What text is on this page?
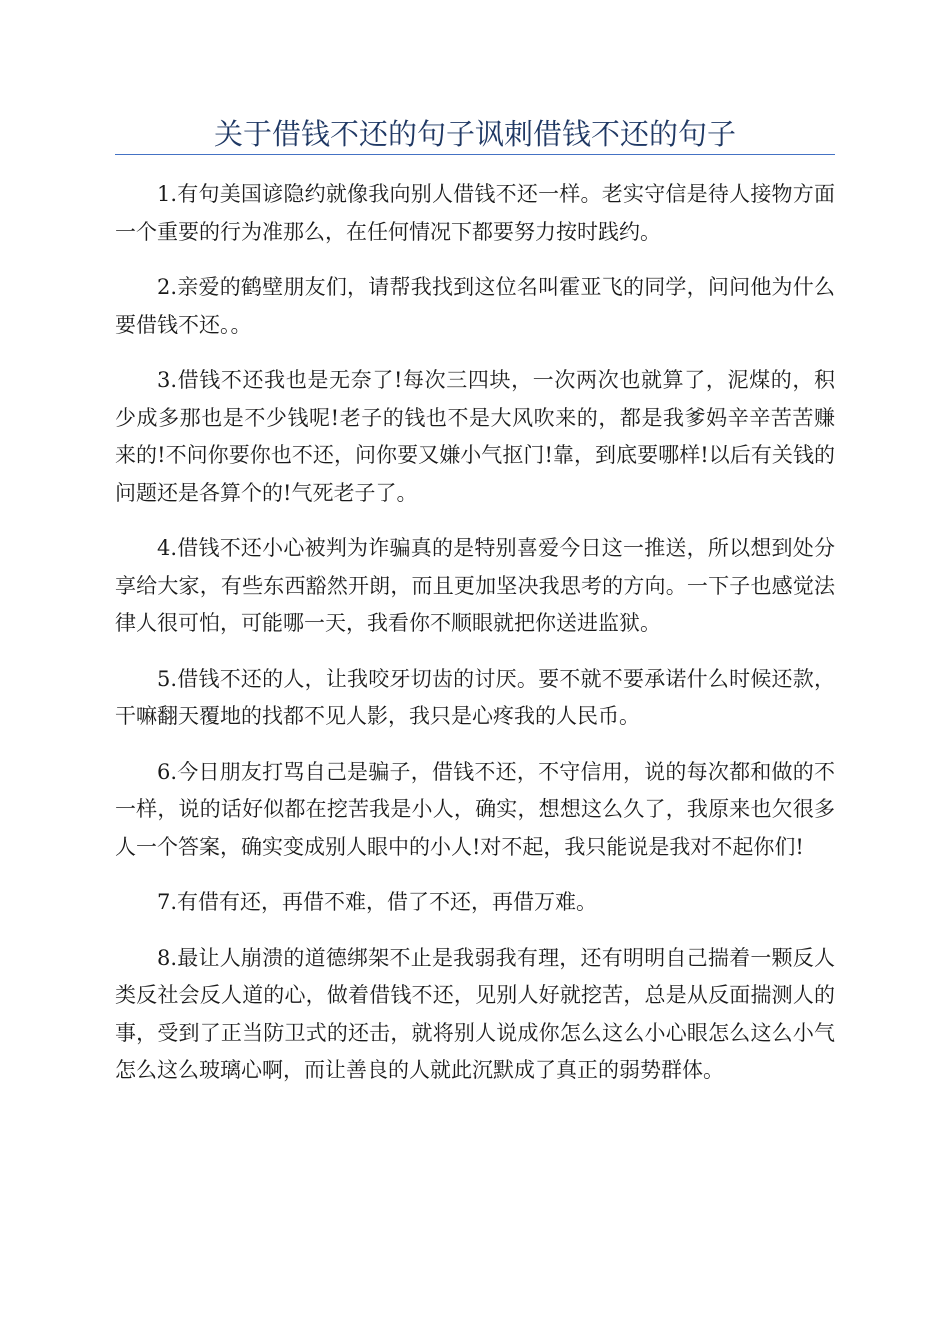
关于借钱不还的句子讽刺借钱不还的句子

1.有句美国谚隐约就像我向别人借钱不还一样。老实守信是待人接物方面一个重要的行为准那么，在任何情况下都要努力按时践约。

2.亲爱的鹤壁朋友们，请帮我找到这位名叫霍亚飞的同学，问问他为什么要借钱不还。。

3.借钱不还我也是无奈了!每次三四块，一次两次也就算了，泥煤的，积少成多那也是不少钱呢!老子的钱也不是大风吹来的，都是我爹妈辛辛苦苦赚来的!不问你要你也不还，问你要又嫌小气抠门!靠，到底要哪样!以后有关钱的问题还是各算个的!气死老子了。

4.借钱不还小心被判为诈骗真的是特别喜爱今日这一推送，所以想到处分享给大家，有些东西豁然开朗，而且更加坚决我思考的方向。一下子也感觉法律人很可怕，可能哪一天，我看你不顺眼就把你送进监狱。

5.借钱不还的人，让我咬牙切齿的讨厌。要不就不要承诺什么时候还款，干嘛翻天覆地的找都不见人影，我只是心疼我的人民币。

6.今日朋友打骂自己是骗子，借钱不还，不守信用，说的每次都和做的不一样，说的话好似都在挖苦我是小人，确实，想想这么久了，我原来也欠很多人一个答案，确实变成别人眼中的小人!对不起，我只能说是我对不起你们!

7.有借有还，再借不难，借了不还，再借万难。

8.最让人崩溃的道德绑架不止是我弱我有理，还有明明自己揣着一颗反人类反社会反人道的心，做着借钱不还，见别人好就挖苦，总是从反面揣测人的事，受到了正当防卫式的还击，就将别人说成你怎么这么小心眼怎么这么小气怎么这么玻璃心啊，而让善良的人就此沉默成了真正的弱势群体。
